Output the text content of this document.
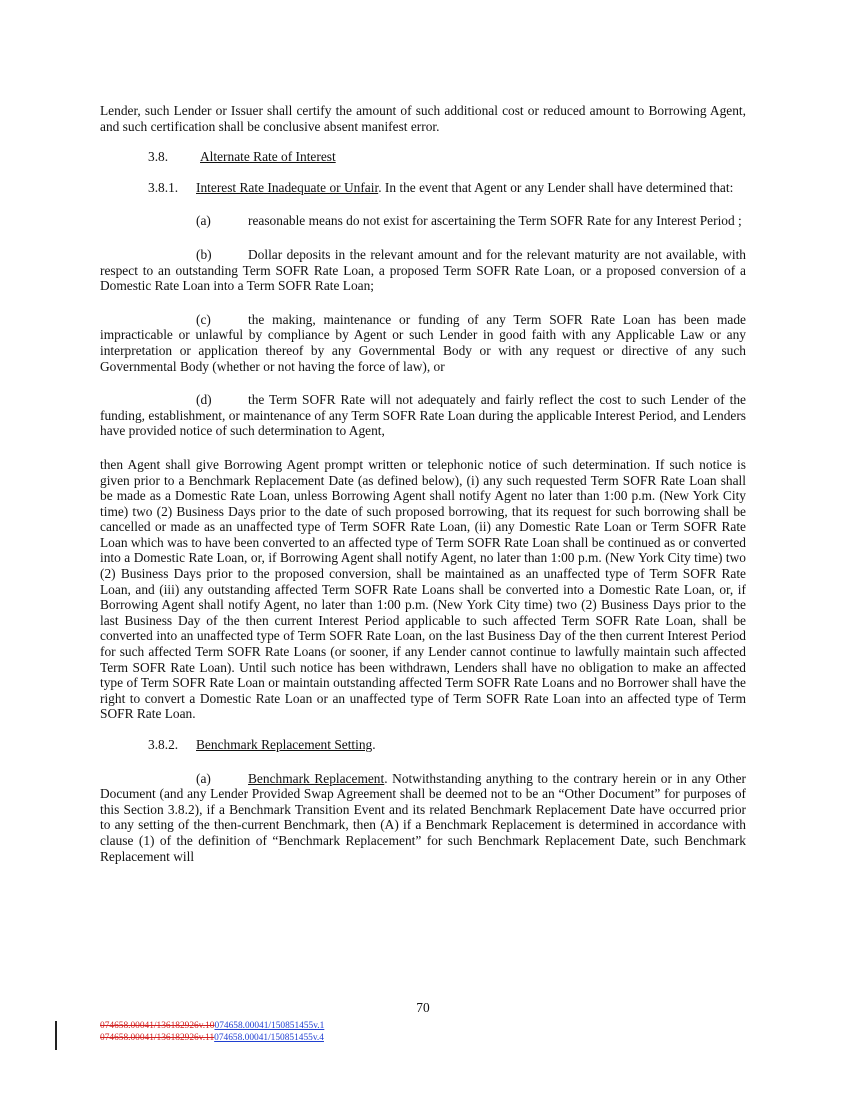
Lender, such Lender or Issuer shall certify the amount of such additional cost or reduced amount to Borrowing Agent, and such certification shall be conclusive absent manifest error.

3.8. Alternate Rate of Interest

3.8.1. Interest Rate Inadequate or Unfair. In the event that Agent or any Lender shall have determined that:

(a)	reasonable means do not exist for ascertaining the Term SOFR Rate for any Interest Period ;

(b)	Dollar deposits in the relevant amount and for the relevant maturity are not available, with respect to an outstanding Term SOFR Rate Loan, a proposed Term SOFR Rate Loan, or a proposed conversion of a Domestic Rate Loan into a Term SOFR Rate Loan;

(c)	the making, maintenance or funding of any Term SOFR Rate Loan has been made impracticable or unlawful by compliance by Agent or such Lender in good faith with any Applicable Law or any interpretation or application thereof by any Governmental Body or with any request or directive of any such Governmental Body (whether or not having the force of law), or

(d)	the Term SOFR Rate will not adequately and fairly reflect the cost to such Lender of the funding, establishment, or maintenance of any Term SOFR Rate Loan during the applicable Interest Period, and Lenders have provided notice of such determination to Agent,

then Agent shall give Borrowing Agent prompt written or telephonic notice of such determination. If such notice is given prior to a Benchmark Replacement Date (as defined below), (i) any such requested Term SOFR Rate Loan shall be made as a Domestic Rate Loan, unless Borrowing Agent shall notify Agent no later than 1:00 p.m. (New York City time) two (2) Business Days prior to the date of such proposed borrowing, that its request for such borrowing shall be cancelled or made as an unaffected type of Term SOFR Rate Loan, (ii) any Domestic Rate Loan or Term SOFR Rate Loan which was to have been converted to an affected type of Term SOFR Rate Loan shall be continued as or converted into a Domestic Rate Loan, or, if Borrowing Agent shall notify Agent, no later than 1:00 p.m. (New York City time) two (2) Business Days prior to the proposed conversion, shall be maintained as an unaffected type of Term SOFR Rate Loan, and (iii) any outstanding affected Term SOFR Rate Loans shall be converted into a Domestic Rate Loan, or, if Borrowing Agent shall notify Agent, no later than 1:00 p.m. (New York City time) two (2) Business Days prior to the last Business Day of the then current Interest Period applicable to such affected Term SOFR Rate Loan, shall be converted into an unaffected type of Term SOFR Rate Loan, on the last Business Day of the then current Interest Period for such affected Term SOFR Rate Loans (or sooner, if any Lender cannot continue to lawfully maintain such affected Term SOFR Rate Loan). Until such notice has been withdrawn, Lenders shall have no obligation to make an affected type of Term SOFR Rate Loan or maintain outstanding affected Term SOFR Rate Loans and no Borrower shall have the right to convert a Domestic Rate Loan or an unaffected type of Term SOFR Rate Loan into an affected type of Term SOFR Rate Loan.

3.8.2. Benchmark Replacement Setting.

(a)	Benchmark Replacement. Notwithstanding anything to the contrary herein or in any Other Document (and any Lender Provided Swap Agreement shall be deemed not to be an “Other Document” for purposes of this Section 3.8.2), if a Benchmark Transition Event and its related Benchmark Replacement Date have occurred prior to any setting of the then-current Benchmark, then (A) if a Benchmark Replacement is determined in accordance with clause (1) of the definition of “Benchmark Replacement” for such Benchmark Replacement Date, such Benchmark Replacement will

70
074658.00041/136182926v.10074658.00041/150851455v.1
074658.00041/136182926v.11074658.00041/150851455v.4
